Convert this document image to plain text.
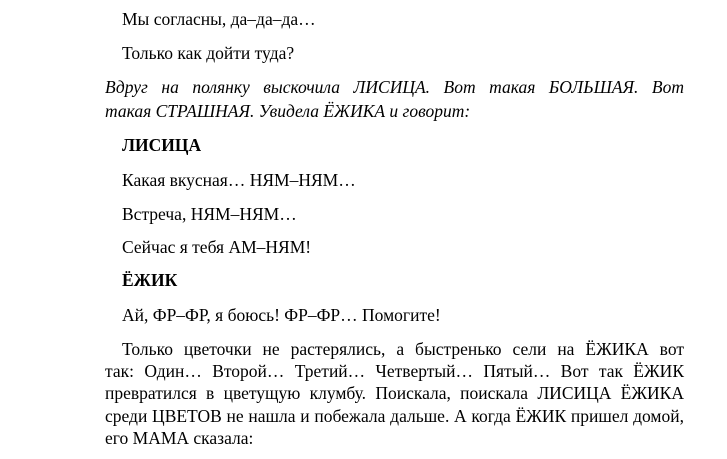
Мы согласны, да–да–да…
Только как дойти туда?
Вдруг на полянку выскочила ЛИСИЦА. Вот такая БОЛЬШАЯ. Вот
такая СТРАШНАЯ. Увидела ЁЖИКА и говорит:
ЛИСИЦА
Какая вкусная… НЯМ–НЯМ…
Встреча, НЯМ–НЯМ…
Сейчас я тебя АМ–НЯМ!
ЁЖИК
Ай, ФР–ФР, я боюсь! ФР–ФР… Помогите!
Только цветочки не растерялись, а быстренько сели на ЁЖИКА вот
так: Один… Второй… Третий… Четвертый… Пятый… Вот так ЁЖИК
превратился в цветущую клумбу. Поискала, поискала ЛИСИЦА ЁЖИКА
среди ЦВЕТОВ не нашла и побежала дальше. А когда ЁЖИК пришел домой,
его МАМА сказала:
